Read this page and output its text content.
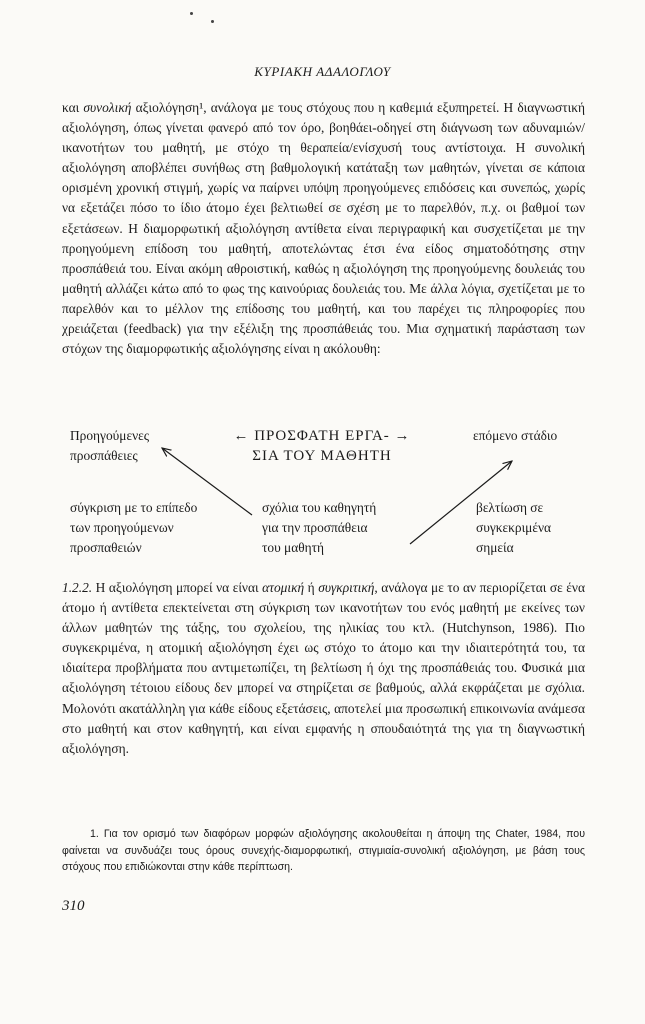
ΚΥΡΙΑΚΗ ΑΔΑΛΟΓΛΟΥ

και συνολική αξιολόγηση¹, ανάλογα με τους στόχους που η καθεμιά εξυπηρετεί. Η διαγνωστική αξιολόγηση, όπως γίνεται φανερό από τον όρο, βοηθάει-οδηγεί στη διάγνωση των αδυναμιών/ικανοτήτων του μαθητή, με στόχο τη θεραπεία/ενίσχυσή τους αντίστοιχα. Η συνολική αξιολόγηση αποβλέπει συνήθως στη βαθμολογική κατάταξη των μαθητών, γίνεται σε κάποια ορισμένη χρονική στιγμή, χωρίς να παίρνει υπόψη προηγούμενες επιδόσεις και συνεπώς, χωρίς να εξετάζει πόσο το ίδιο άτομο έχει βελτιωθεί σε σχέση με το παρελθόν, π.χ. οι βαθμοί των εξετάσεων. Η διαμορφωτική αξιολόγηση αντίθετα είναι περιγραφική και συσχετίζεται με την προηγούμενη επίδοση του μαθητή, αποτελώντας έτσι ένα είδος σηματοδότησης στην προσπάθειά του. Είναι ακόμη αθροιστική, καθώς η αξιολόγηση της προηγούμενης δουλειάς του μαθητή αλλάζει κάτω από το φως της καινούριας δουλειάς του. Με άλλα λόγια, σχετίζεται με το παρελθόν και το μέλλον της επίδοσης του μαθητή, και του παρέχει τις πληροφορίες που χρειάζεται (feedback) για την εξέλιξη της προσπάθειάς του. Μια σχηματική παράσταση των στόχων της διαμορφωτικής αξιολόγησης είναι η ακόλουθη:

Προηγούμενες
προσπάθειες
← ΠΡΟΣΦΑΤΗ ΕΡΓΑ- →
ΣΙΑ ΤΟΥ ΜΑΘΗΤΗ
επόμενο στάδιο
σύγκριση με το επίπεδο
των προηγούμενων
προσπαθειών
σχόλια του καθηγητή
για την προσπάθεια
του μαθητή
βελτίωση σε
συγκεκριμένα
σημεία

1.2.2. Η αξιολόγηση μπορεί να είναι ατομική ή συγκριτική, ανάλογα με το αν περιορίζεται σε ένα άτομο ή αντίθετα επεκτείνεται στη σύγκριση των ικανοτήτων του ενός μαθητή με εκείνες των άλλων μαθητών της τάξης, του σχολείου, της ηλικίας του κτλ. (Hutchynson, 1986). Πιο συγκεκριμένα, η ατομική αξιολόγηση έχει ως στόχο το άτομο και την ιδιαιτερότητά του, τα ιδιαίτερα προβλήματα που αντιμετωπίζει, τη βελτίωση ή όχι της προσπάθειάς του. Φυσικά μια αξιολόγηση τέτοιου είδους δεν μπορεί να στηρίζεται σε βαθμούς, αλλά εκφράζεται με σχόλια. Μολονότι ακατάλληλη για κάθε είδους εξετάσεις, αποτελεί μια προσωπική επικοινωνία ανάμεσα στο μαθητή και στον καθηγητή, και είναι εμφανής η σπουδαιότητά της για τη διαγνωστική αξιολόγηση.

1. Για τον ορισμό των διαφόρων μορφών αξιολόγησης ακολουθείται η άποψη της Chater, 1984, που φαίνεται να συνδυάζει τους όρους συνεχής-διαμορφωτική, στιγμιαία-συνολική αξιολόγηση, με βάση τους στόχους που επιδιώκονται στην κάθε περίπτωση.

310
